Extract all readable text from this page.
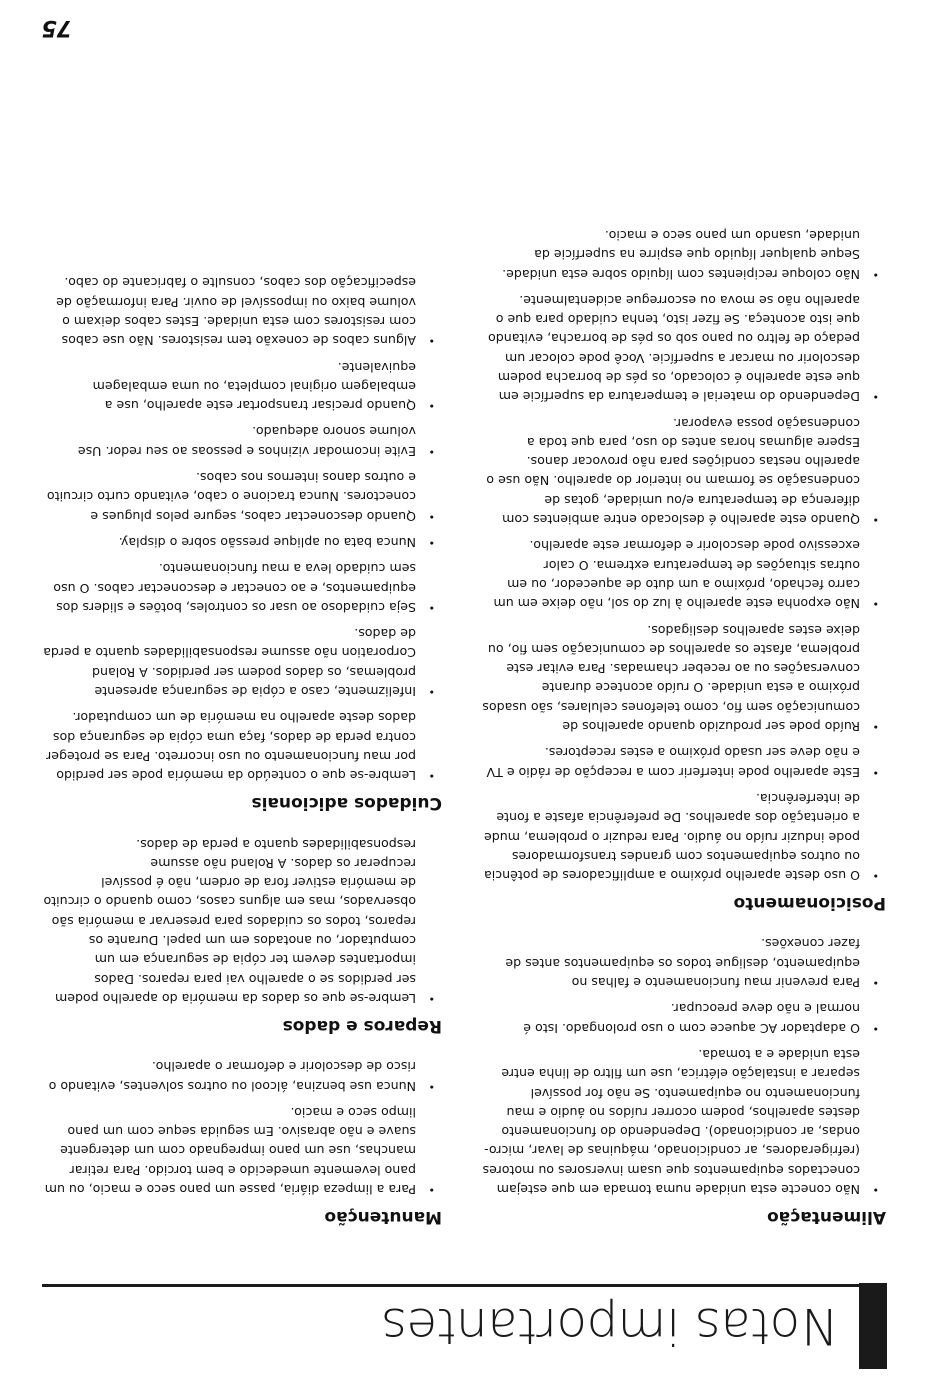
Notas importantes
Alimentação
• Não conecte esta unidade numa tomada em que estejam conectados equipamentos que usam inversores ou motores (refrigeradores, ar condicionado, máquinas de lavar, micro-ondas, ar condicionado). Dependendo do funcionamento destes aparelhos, podem ocorrer ruídos no áudio e mau funcionamento no equipamento. Se não for possível separar a instalação elétrica, use um filtro de linha entre esta unidade e a tomada.
• O adaptador AC aquece com o uso prolongado. Isto é normal e não deve preocupar.
• Para prevenir mau funcionamento e falhas no equipamento, desligue todos os equipamentos antes de fazer conexões.
Posicionamento
• O uso deste aparelho próximo a amplificadores de potência ou outros equipamentos com grandes transformadores pode induzir ruído no áudio. Para reduzir o problema, mude a orientação dos aparelhos. De preferência afaste a fonte de interferência.
• Este aparelho pode interferir com a recepção de rádio e TV e não deve ser usado próximo a estes receptores.
• Ruído pode ser produzido quando aparelhos de comunicação sem fio, como telefones celulares, são usados próximo a esta unidade. O ruído acontece durante conversações ou ao receber chamadas. Para evitar este problema, afaste os aparelhos de comunicação sem fio, ou deixe estes aparelhos desligados.
• Não exponha este aparelho à luz do sol, não deixe em um carro fechado, próximo a um duto de aquecedor, ou em outras situações de temperatura extrema. O calor excessivo pode descolorir e deformar este aparelho.
• Quando este aparelho é deslocado entre ambientes com diferença de temperatura e/ou umidade, gotas de condensação se formam no interior do aparelho. Não use o aparelho nestas condições para não provocar danos. Espere algumas horas antes do uso, para que toda a condensação possa evaporar.
• Dependendo do material e temperatura da superfície em que este aparelho é colocado, os pés de borracha podem descolorir ou marcar a superfície. Você pode colocar um pedaço de feltro ou pano sob os pés de borracha, evitando que isto aconteça. Se fizer isto, tenha cuidado para que o aparelho não se mova ou escorregue acidentalmente.
• Não coloque recipientes com líquido sobre esta unidade. Seque qualquer líquido que espirre na superfície da unidade, usando um pano seco e macio.
Manutenção
• Para a limpeza diária, passe um pano seco e macio, ou um pano levemente umedecido e bem torcido. Para retirar manchas, use um pano impregnado com um detergente suave e não abrasivo. Em seguida seque com um pano limpo seco e macio.
• Nunca use benzina, álcool ou outros solventes, evitando o risco de descolorir e deformar o aparelho.
Reparos e dados
• Lembre-se que os dados da memória do aparelho podem ser perdidos se o aparelho vai para reparos. Dados importantes devem ter cópia de segurança em um computador, ou anotados em um papel. Durante os reparos, todos os cuidados para preservar a memória são observados, mas em alguns casos, como quando o circuito de memória estiver fora de ordem, não é possível recuperar os dados. A Roland não assume responsabilidades quanto a perda de dados.
Cuidados adicionais
• Lembre-se que o conteúdo da memória pode ser perdido por mau funcionamento ou uso incorreto. Para se proteger contra perda de dados, faça uma cópia de segurança dos dados deste aparelho na memória de um computador.
• Infelizmente, caso a cópia de segurança apresente problemas, os dados podem ser perdidos. A Roland Corporation não assume responsabilidades quanto a perda de dados.
• Seja cuidadoso ao usar os controles, botões e sliders dos equipamentos, e ao conectar e desconectar cabos. O uso sem cuidado leva a mau funcionamento.
• Nunca bata ou aplique pressão sobre o display.
• Quando desconectar cabos, segure pelos plugues e conectores. Nunca tracione o cabo, evitando curto circuito e outros danos internos nos cabos.
• Evite incomodar vizinhos e pessoas ao seu redor. Use volume sonoro adequado.
• Quando precisar transportar este aparelho, use a embalagem original completa, ou uma embalagem equivalente.
• Alguns cabos de conexão tem resistores. Não use cabos com resistores com esta unidade. Estes cabos deixam o volume baixo ou impossível de ouvir. Para informação de especificação dos cabos, consulte o fabricante do cabo.
75
